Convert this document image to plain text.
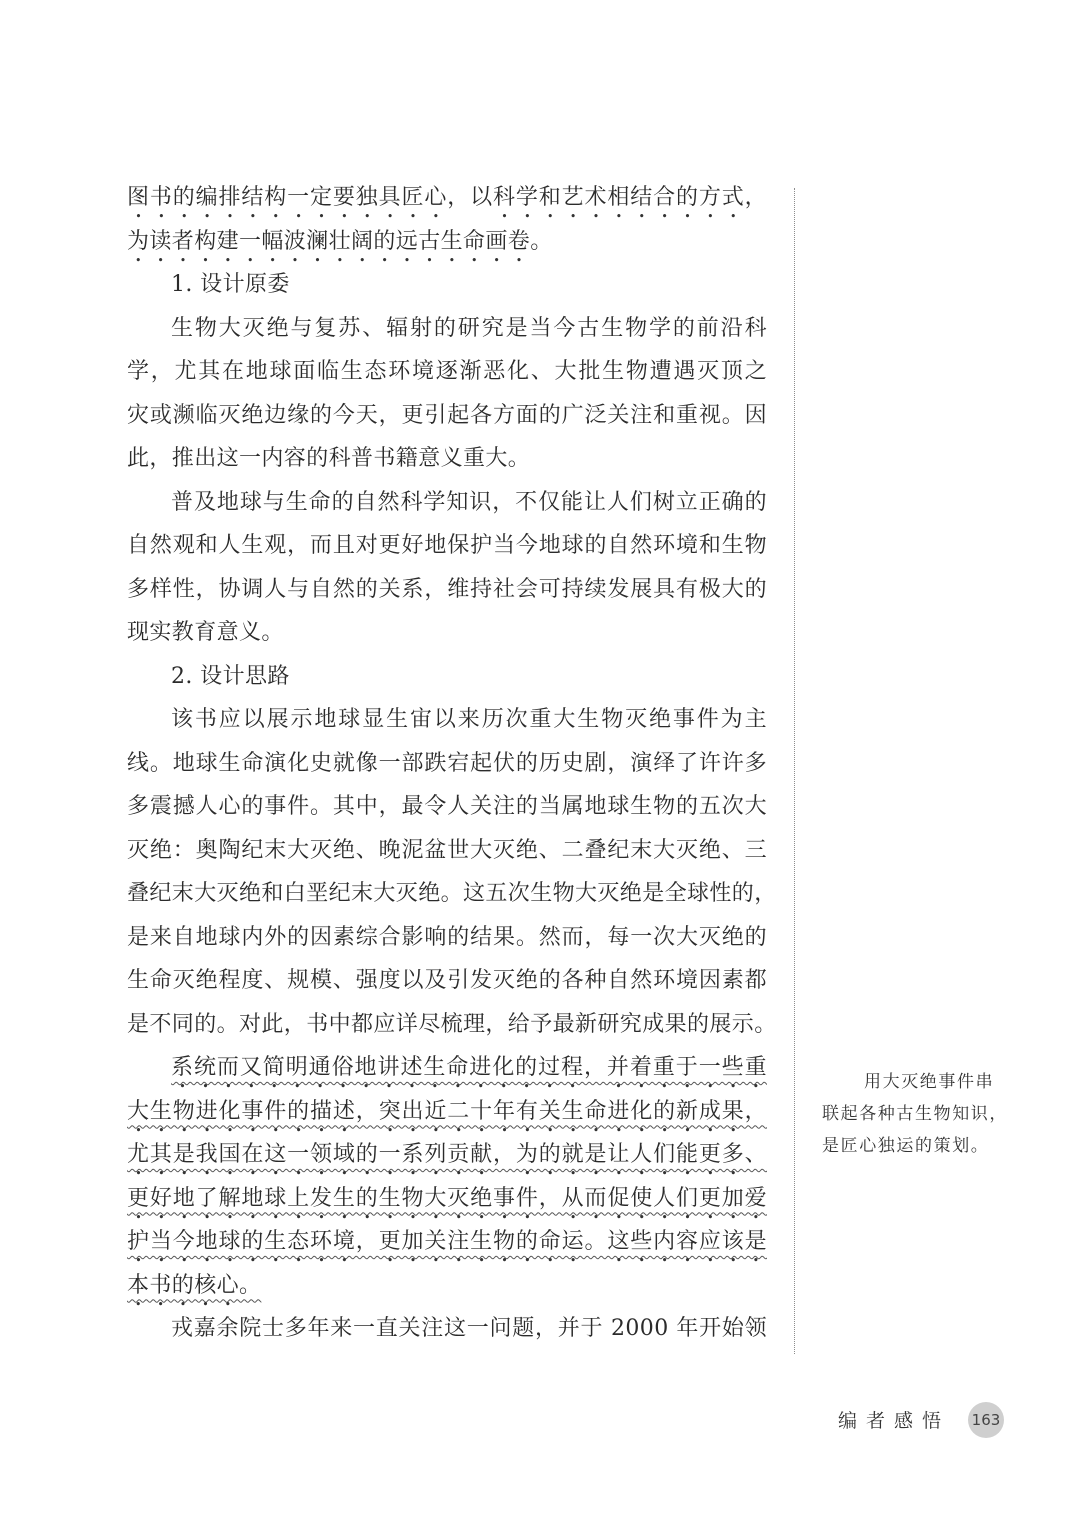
图书的编排结构一定要独具匠心，以科学和艺术相结合的方式，
为读者构建一幅波澜壮阔的远古生命画卷。
1. 设计原委
生物大灭绝与复苏、辐射的研究是当今古生物学的前沿科
学，尤其在地球面临生态环境逐渐恶化、大批生物遭遇灭顶之
灾或濒临灭绝边缘的今天，更引起各方面的广泛关注和重视。因
此，推出这一内容的科普书籍意义重大。
普及地球与生命的自然科学知识，不仅能让人们树立正确的
自然观和人生观，而且对更好地保护当今地球的自然环境和生物
多样性，协调人与自然的关系，维持社会可持续发展具有极大的
现实教育意义。
2. 设计思路
该书应以展示地球显生宙以来历次重大生物灭绝事件为主
线。地球生命演化史就像一部跌宕起伏的历史剧，演绎了许许多
多震撼人心的事件。其中，最令人关注的当属地球生物的五次大
灭绝：奥陶纪末大灭绝、晚泥盆世大灭绝、二叠纪末大灭绝、三
叠纪末大灭绝和白垩纪末大灭绝。这五次生物大灭绝是全球性的，
是来自地球内外的因素综合影响的结果。然而，每一次大灭绝的
生命灭绝程度、规模、强度以及引发灭绝的各种自然环境因素都
是不同的。对此，书中都应详尽梳理，给予最新研究成果的展示。
系统而又简明通俗地讲述生命进化的过程，并着重于一些重
大生物进化事件的描述，突出近二十年有关生命进化的新成果，
尤其是我国在这一领域的一系列贡献，为的就是让人们能更多、
更好地了解地球上发生的生物大灭绝事件，从而促使人们更加爱
护当今地球的生态环境，更加关注生物的命运。这些内容应该是
本书的核心。
戎嘉余院士多年来一直关注这一问题，并于 2000 年开始领
用大灭绝事件串
联起各种古生物知识，
是匠心独运的策划。
编者感悟 163
